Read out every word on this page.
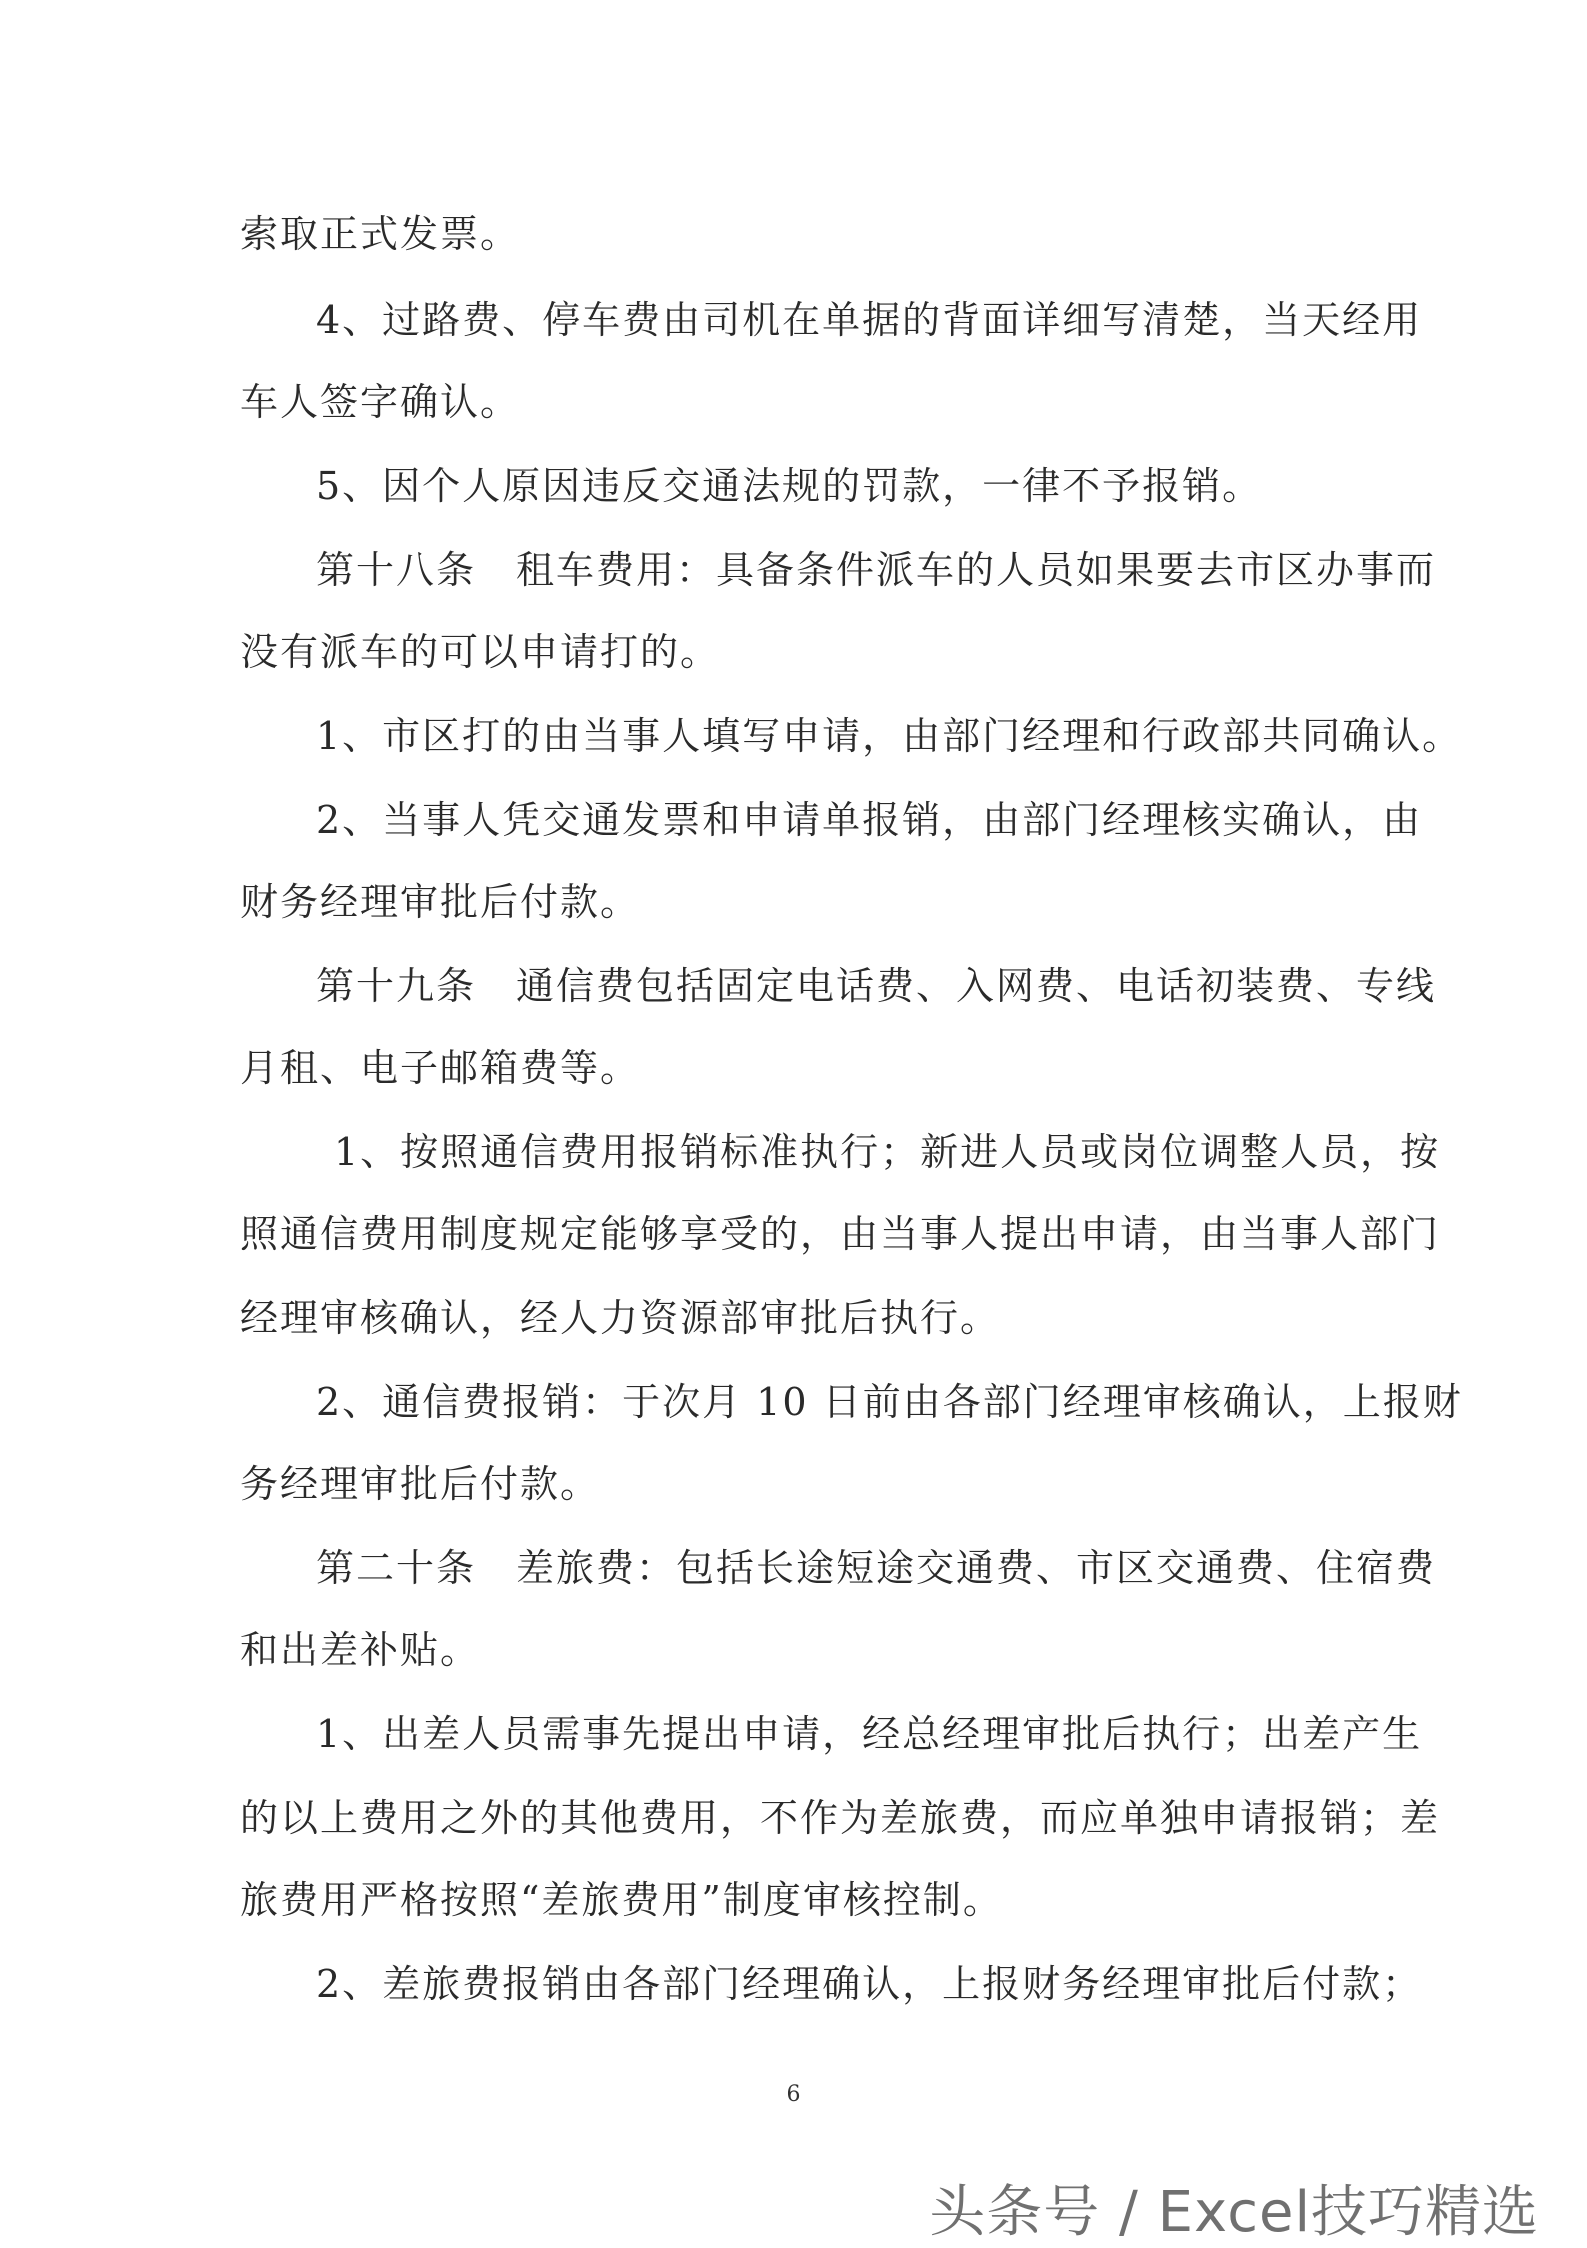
索取正式发票。
4、过路费、停车费由司机在单据的背面详细写清楚，当天经用
车人签字确认。
5、因个人原因违反交通法规的罚款，一律不予报销。
第十八条　租车费用：具备条件派车的人员如果要去市区办事而
没有派车的可以申请打的。
1、市区打的由当事人填写申请，由部门经理和行政部共同确认。
2、当事人凭交通发票和申请单报销，由部门经理核实确认，由
财务经理审批后付款。
第十九条　通信费包括固定电话费、入网费、电话初装费、专线
月租、电子邮箱费等。
1、按照通信费用报销标准执行；新进人员或岗位调整人员，按
照通信费用制度规定能够享受的，由当事人提出申请，由当事人部门
经理审核确认，经人力资源部审批后执行。
2、通信费报销：于次月 10 日前由各部门经理审核确认，上报财
务经理审批后付款。
第二十条　差旅费：包括长途短途交通费、市区交通费、住宿费
和出差补贴。
1、出差人员需事先提出申请，经总经理审批后执行；出差产生
的以上费用之外的其他费用，不作为差旅费，而应单独申请报销；差
旅费用严格按照“差旅费用”制度审核控制。
2、差旅费报销由各部门经理确认，上报财务经理审批后付款；
6
头条号 / Excel技巧精选
